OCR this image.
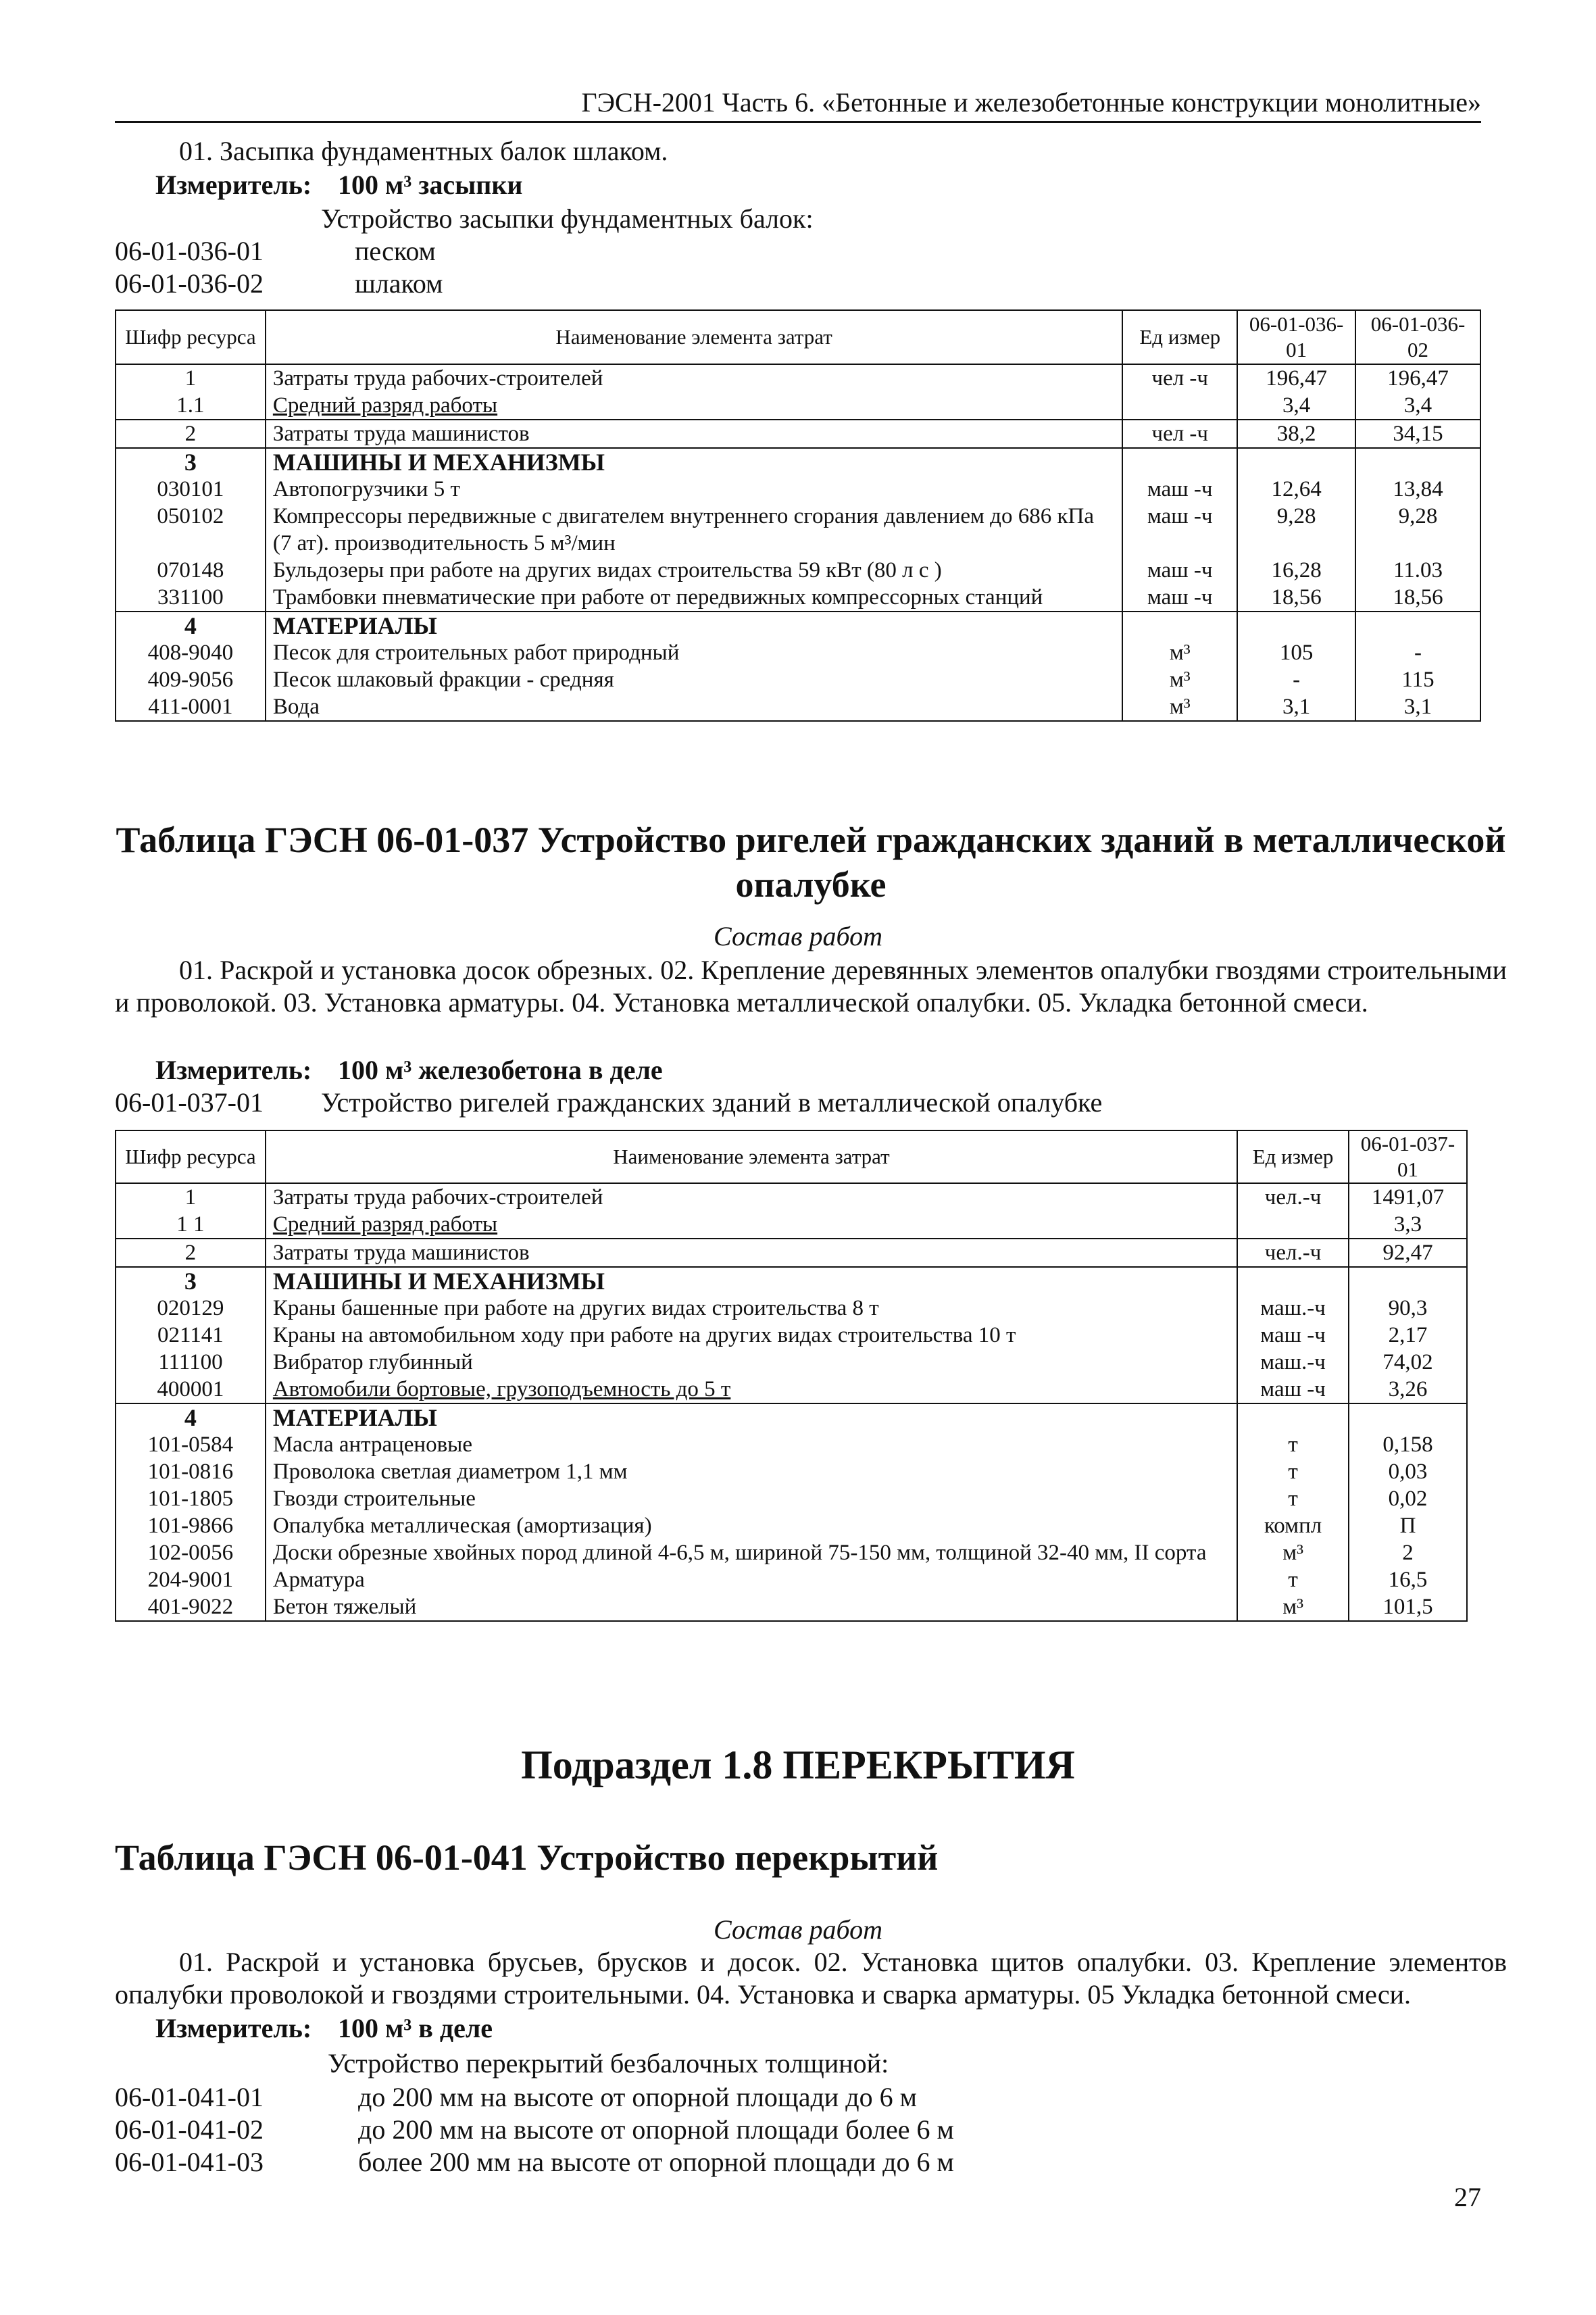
ГЭСН-2001 Часть 6. «Бетонные и железобетонные конструкции монолитные»
01. Засыпка фундаментных балок шлаком.
Измеритель: 100 м³ засыпки
Устройство засыпки фундаментных балок:
06-01-036-01	песком
06-01-036-02	шлаком
Шифр ресурса	Наименование элемента затрат	Ед измер	06-01-036-01	06-01-036-02
1	Затраты труда рабочих-строителей	чел -ч	196,47	196,47
1.1	Средний разряд работы		3,4	3,4
2	Затраты труда машинистов	чел -ч	38,2	34,15
3	МАШИНЫ И МЕХАНИЗМЫ			
030101	Автопогрузчики 5 т	маш -ч	12,64	13,84
050102	Компрессоры передвижные с двигателем внутреннего сгорания давлением до 686 кПа (7 ат). производительность 5 м³/мин	маш -ч	9,28	9,28
070148	Бульдозеры при работе на других видах строительства 59 кВт (80 л с )	маш -ч	16,28	11.03
331100	Трамбовки пневматические при работе от передвижных компрессорных станций	маш -ч	18,56	18,56
4	МАТЕРИАЛЫ			
408-9040	Песок для строительных работ природный	м³	105	-
409-9056	Песок шлаковый фракции - средняя	м³	-	115
411-0001	Вода	м³	3,1	3,1
Таблица ГЭСН 06-01-037 Устройство ригелей гражданских зданий в металлической опалубке
Состав работ
01. Раскрой и установка досок обрезных. 02. Крепление деревянных элементов опалубки гвоздями строительными и проволокой. 03. Установка арматуры. 04. Установка металлической опалубки. 05. Укладка бетонной смеси.
Измеритель: 100 м³ железобетона в деле
06-01-037-01 Устройство ригелей гражданских зданий в металлической опалубке
Шифр ресурса	Наименование элемента затрат	Ед измер	06-01-037-01
1	Затраты труда рабочих-строителей	чел.-ч	1491,07
1 1	Средний разряд работы		3,3
2	Затраты труда машинистов	чел.-ч	92,47
3	МАШИНЫ И МЕХАНИЗМЫ		
020129	Краны башенные при работе на других видах строительства 8 т	маш.-ч	90,3
021141	Краны на автомобильном ходу при работе на других видах строительства 10 т	маш -ч	2,17
111100	Вибратор глубинный	маш.-ч	74,02
400001	Автомобили бортовые, грузоподъемность до 5 т	маш -ч	3,26
4	МАТЕРИАЛЫ		
101-0584	Масла антраценовые	т	0,158
101-0816	Проволока светлая диаметром 1,1 мм	т	0,03
101-1805	Гвозди строительные	т	0,02
101-9866	Опалубка металлическая (амортизация)	компл	П
102-0056	Доски обрезные хвойных пород длиной 4-6,5 м, шириной 75-150 мм, толщиной 32-40 мм, II сорта	м³	2
204-9001	Арматура	т	16,5
401-9022	Бетон тяжелый	м³	101,5
Подраздел 1.8 ПЕРЕКРЫТИЯ
Таблица ГЭСН 06-01-041 Устройство перекрытий
Состав работ
01. Раскрой и установка брусьев, брусков и досок. 02. Установка щитов опалубки. 03. Крепление элементов опалубки проволокой и гвоздями строительными. 04. Установка и сварка арматуры. 05 Укладка бетонной смеси.
Измеритель: 100 м³ в деле
Устройство перекрытий безбалочных толщиной:
06-01-041-01	до 200 мм на высоте от опорной площади до 6 м
06-01-041-02	до 200 мм на высоте от опорной площади более 6 м
06-01-041-03	более 200 мм на высоте от опорной площади до 6 м
27
